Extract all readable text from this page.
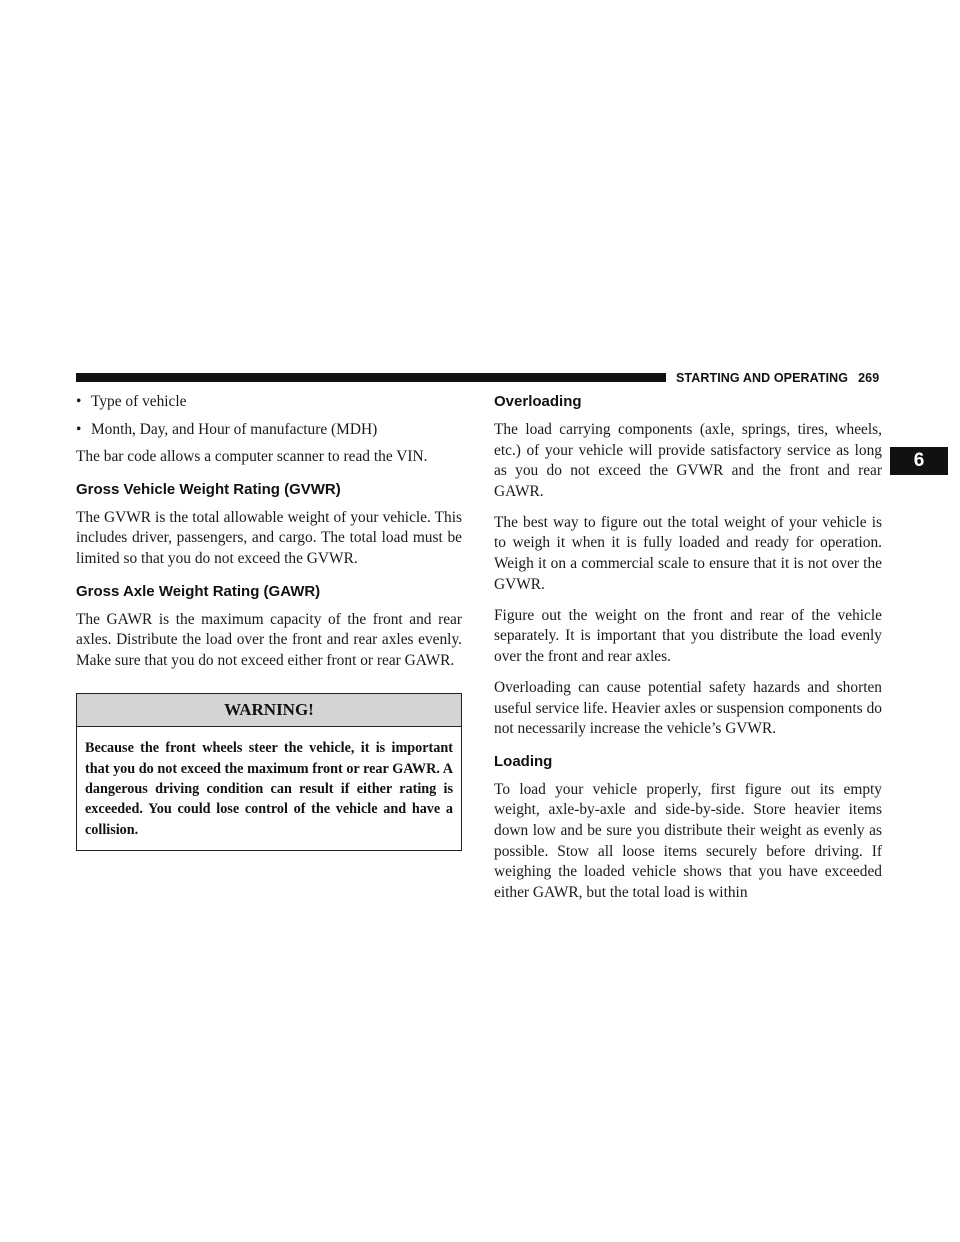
STARTING AND OPERATING 269
6
• Type of vehicle
• Month, Day, and Hour of manufacture (MDH)

The bar code allows a computer scanner to read the VIN.

Gross Vehicle Weight Rating (GVWR)

The GVWR is the total allowable weight of your vehicle. This includes driver, passengers, and cargo. The total load must be limited so that you do not exceed the GVWR.

Gross Axle Weight Rating (GAWR)

The GAWR is the maximum capacity of the front and rear axles. Distribute the load over the front and rear axles evenly. Make sure that you do not exceed either front or rear GAWR.

WARNING!
Because the front wheels steer the vehicle, it is important that you do not exceed the maximum front or rear GAWR. A dangerous driving condition can result if either rating is exceeded. You could lose control of the vehicle and have a collision.
Overloading

The load carrying components (axle, springs, tires, wheels, etc.) of your vehicle will provide satisfactory service as long as you do not exceed the GVWR and the front and rear GAWR.

The best way to figure out the total weight of your vehicle is to weigh it when it is fully loaded and ready for operation. Weigh it on a commercial scale to ensure that it is not over the GVWR.

Figure out the weight on the front and rear of the vehicle separately. It is important that you distribute the load evenly over the front and rear axles.

Overloading can cause potential safety hazards and shorten useful service life. Heavier axles or suspension components do not necessarily increase the vehicle’s GVWR.

Loading

To load your vehicle properly, first figure out its empty weight, axle-by-axle and side-by-side. Store heavier items down low and be sure you distribute their weight as evenly as possible. Stow all loose items securely before driving. If weighing the loaded vehicle shows that you have exceeded either GAWR, but the total load is within
